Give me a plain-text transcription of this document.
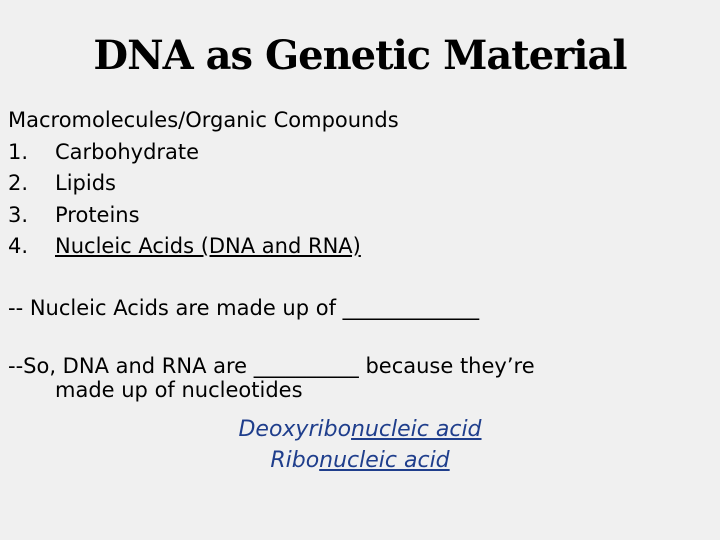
DNA as Genetic Material
Macromolecules/Organic Compounds
1.	Carbohydrate
2.	Lipids
3.	Proteins
4.	Nucleic Acids (DNA and RNA)
-- Nucleic Acids are made up of _____________
--So, DNA and RNA are __________ because they’re
made up of nucleotides
Deoxyribonucleic acid
Ribonucleic acid
